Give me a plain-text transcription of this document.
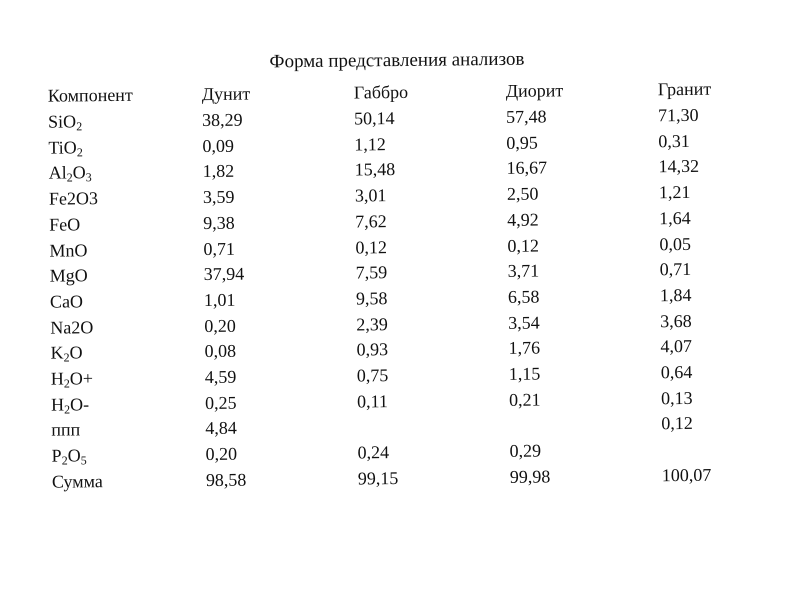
Форма представления анализов
Компонент	Дунит	Габбро	Диорит	Гранит
SiO$_2$	38,29	50,14	57,48	71,30
TiO$_2$	0,09	1,12	0,95	0,31
$Al_2O_3$	1,82	15,48	16,67	14,32
Fe2O3	3,59	3,01	2,50	1,21
FeO	9,38	7,62	4,92	1,64
MnO	0,71	0,12	0,12	0,05
MgO	37,94	7,59	3,71	0,71
CaO	1,01	9,58	6,58	1,84
Na2O	0,20	2,39	3,54	3,68
$K_2O$	0,08	0,93	1,76	4,07
$H_2O+$	4,59	0,75	1,15	0,64
$H_2O-$	0,25	0,11	0,21	0,13
ппп	4,84			0,12
$P_2O_5$	0,20	0,24	0,29	
Сумма	98,58	99,15	99,98	100,07
